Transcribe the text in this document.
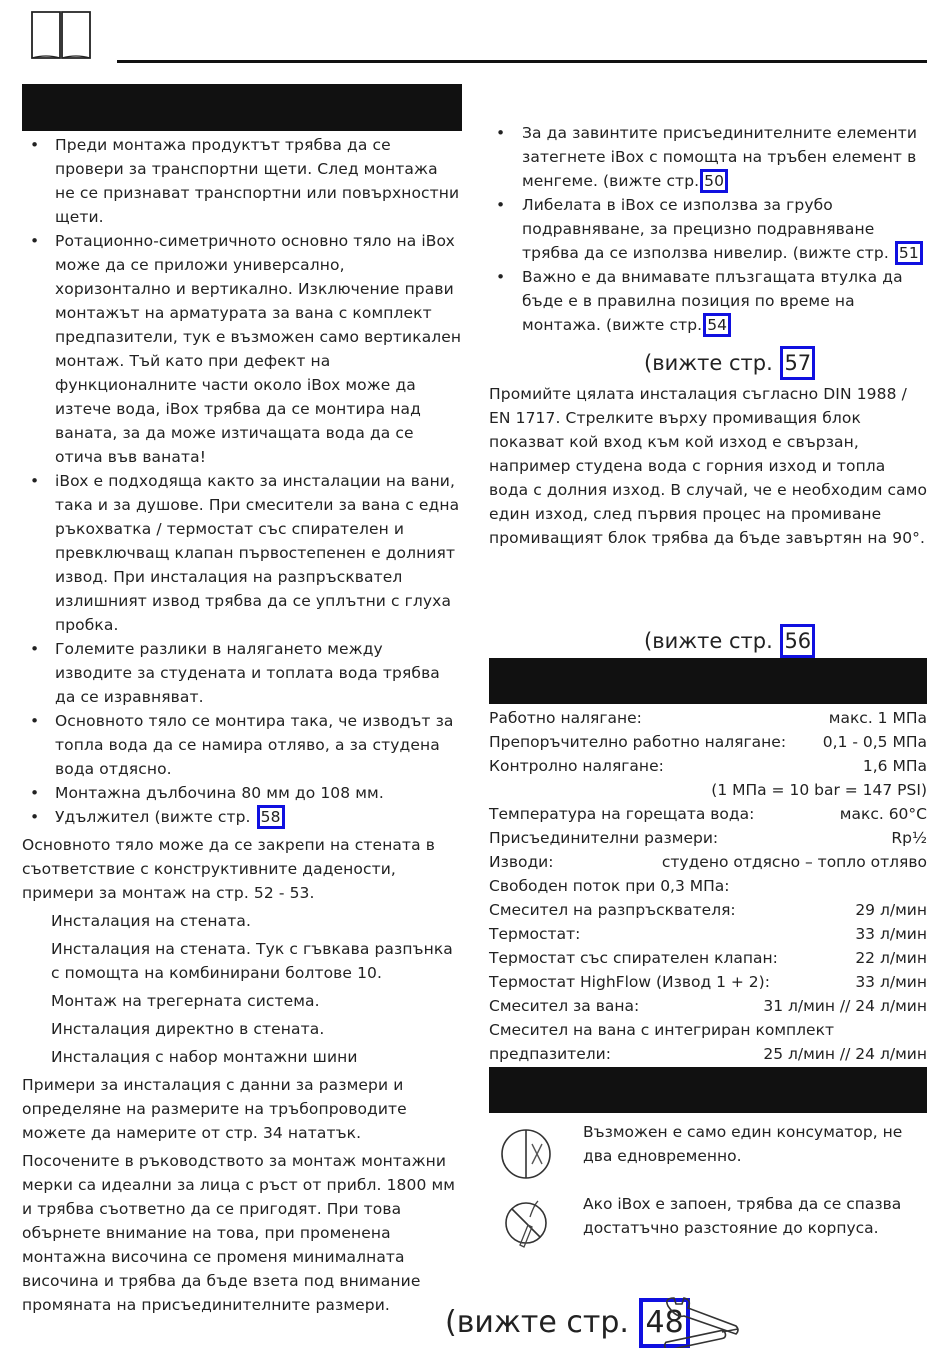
• Преди монтажа продуктът трябва да се провери за транспортни щети. След монтажа не се признават транспортни или повърхностни щети.
• Ротационно-симетричното основно тяло на iBox може да се приложи универсално, хоризонтално и вертикално. Изключение прави монтажът на арматурата за вана с комплект предпазители, тук е възможен само вертикален монтаж. Тъй като при дефект на функционалните части около iBox може да изтече вода, iBox трябва да се монтира над ваната, за да може изтичащата вода да се отича във ваната!
• iBox е подходяща както за инсталации на вани, така и за душове. При смесители за вана с една ръкохватка / термостат със спирателен и превключващ клапан първостепенен е долният извод. При инсталация на разпръсквател излишният извод трябва да се уплътни с глуха пробка.
• Големите разлики в налягането между изводите за студената и топлата вода трябва да се изравняват.
• Основното тяло се монтира така, че изводът за топла вода да се намира отляво, а за студена вода отдясно.
• Монтажна дълбочина 80 мм до 108 мм.
• Удължител (вижте стр. 58

Основното тяло може да се закрепи на стената в съответствие с конструктивните дадености, примери за монтаж на стр. 52 - 53.

Инсталация на стената.

Инсталация на стената. Тук с гъвкава разпънка с помощта на комбинирани болтове 10.

Монтаж на трегерната система.

Инсталация директно в стената.

Инсталация с набор монтажни шини

Примери за инсталация с данни за размери и определяне на размерите на тръбопроводите можете да намерите от стр. 34 нататък.

Посочените в ръководството за монтаж монтажни мерки са идеални за лица с ръст от прибл. 1800 мм и трябва съответно да се пригодят. При това обърнете внимание на това, при променена монтажна височина се променя минималната височина и трябва да бъде взета под внимание промяната на присъединителните размери.

• За да завинтите присъединителните елементи затегнете iBox с помощта на тръбен елемент в менгеме. (вижте стр. 50
• Либелата в iBox се използва за грубо подравняване, за прецизно подравняване трябва да се използва нивелир. (вижте стр. 51
• Важно е да внимавате плъзгащата втулка да бъде е в правилна позиция по време на монтажа. (вижте стр. 54
(вижте стр. 57

Промийте цялата инсталация съгласно DIN 1988 / EN 1717. Стрелките върху промиващия блок показват кой вход към кой изход е свързан, например студена вода с горния изход и топла вода с долния изход. В случай, че е необходим само един изход, след първия процес на промиване промиващият блок трябва да бъде завъртян на 90°.

(вижте стр. 56
Работно налягане:	макс. 1 МПа
Препоръчително работно налягане: 0,1 - 0,5 МПа
Контролно налягане:	1,6 МПа
(1 МПа = 10 bar = 147 PSI)
Температура на горещата вода:	макс. 60°C
Присъединителни размери:	Rp½
Изводи:	студено отдясно – топло отляво
Свободен поток при 0,3 МПа:
Смесител на разпръсквателя:	29 л/мин
Термостат:	33 л/мин
Термостат със спирателен клапан:	22 л/мин
Термостат HighFlow (Извод 1 + 2):	33 л/мин
Смесител за вана:	31 л/мин // 24 л/мин
Смесител на вана с интегриран комплект
предпазители:	25 л/мин // 24 л/мин

Възможен е само един консуматор, не два едновременно.

Ако iBox е запоен, трябва да се спазва достатъчно разстояние до корпуса.

(вижте стр. 48
